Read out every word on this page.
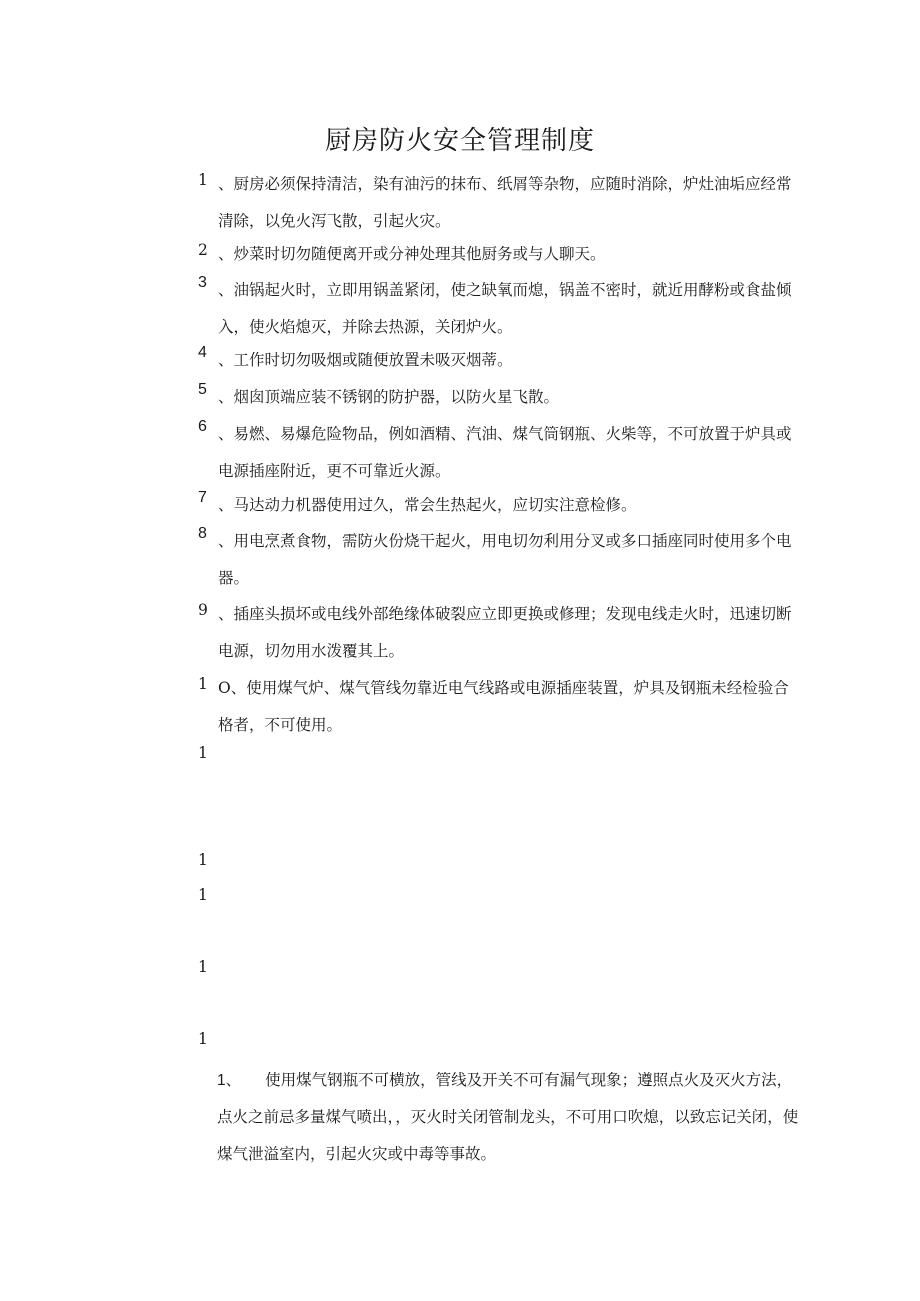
厨房防火安全管理制度
1 、厨房必须保持清洁，染有油污的抹布、纸屑等杂物，应随时消除，炉灶油垢应经常清除，以免火泻飞散，引起火灾。
2 、炒菜时切勿随便离开或分神处理其他厨务或与人聊天。
3 、油锅起火时，立即用锅盖紧闭，使之缺氧而熄，锅盖不密时，就近用酵粉或食盐倾入，使火焰熄灭，并除去热源，关闭炉火。
4 、工作时切勿吸烟或随便放置未吸灭烟蒂。
5 、烟囱顶端应装不锈钢的防护器，以防火星飞散。
6 、易燃、易爆危险物品，例如酒精、汽油、煤气筒钢瓶、火柴等，不可放置于炉具或电源插座附近，更不可靠近火源。
7 、马达动力机器使用过久，常会生热起火，应切实注意检修。
8 、用电烹煮食物，需防火份烧干起火，用电切勿利用分叉或多口插座同时使用多个电器。
9 、插座头损坏或电线外部绝缘体破裂应立即更换或修理；发现电线走火时，迅速切断电源，切勿用水泼覆其上。
1 O、使用煤气炉、煤气管线勿靠近电气线路或电源插座装置，炉具及钢瓶未经检验合格者，不可使用。
1
1
1
1
1
1、 使用煤气钢瓶不可横放，管线及开关不可有漏气现象；遵照点火及灭火方法，点火之前忌多量煤气喷出，，灭火时关闭管制龙头，不可用口吹熄，以致忘记关闭，使煤气泄溢室内，引起火灾或中毒等事故。
